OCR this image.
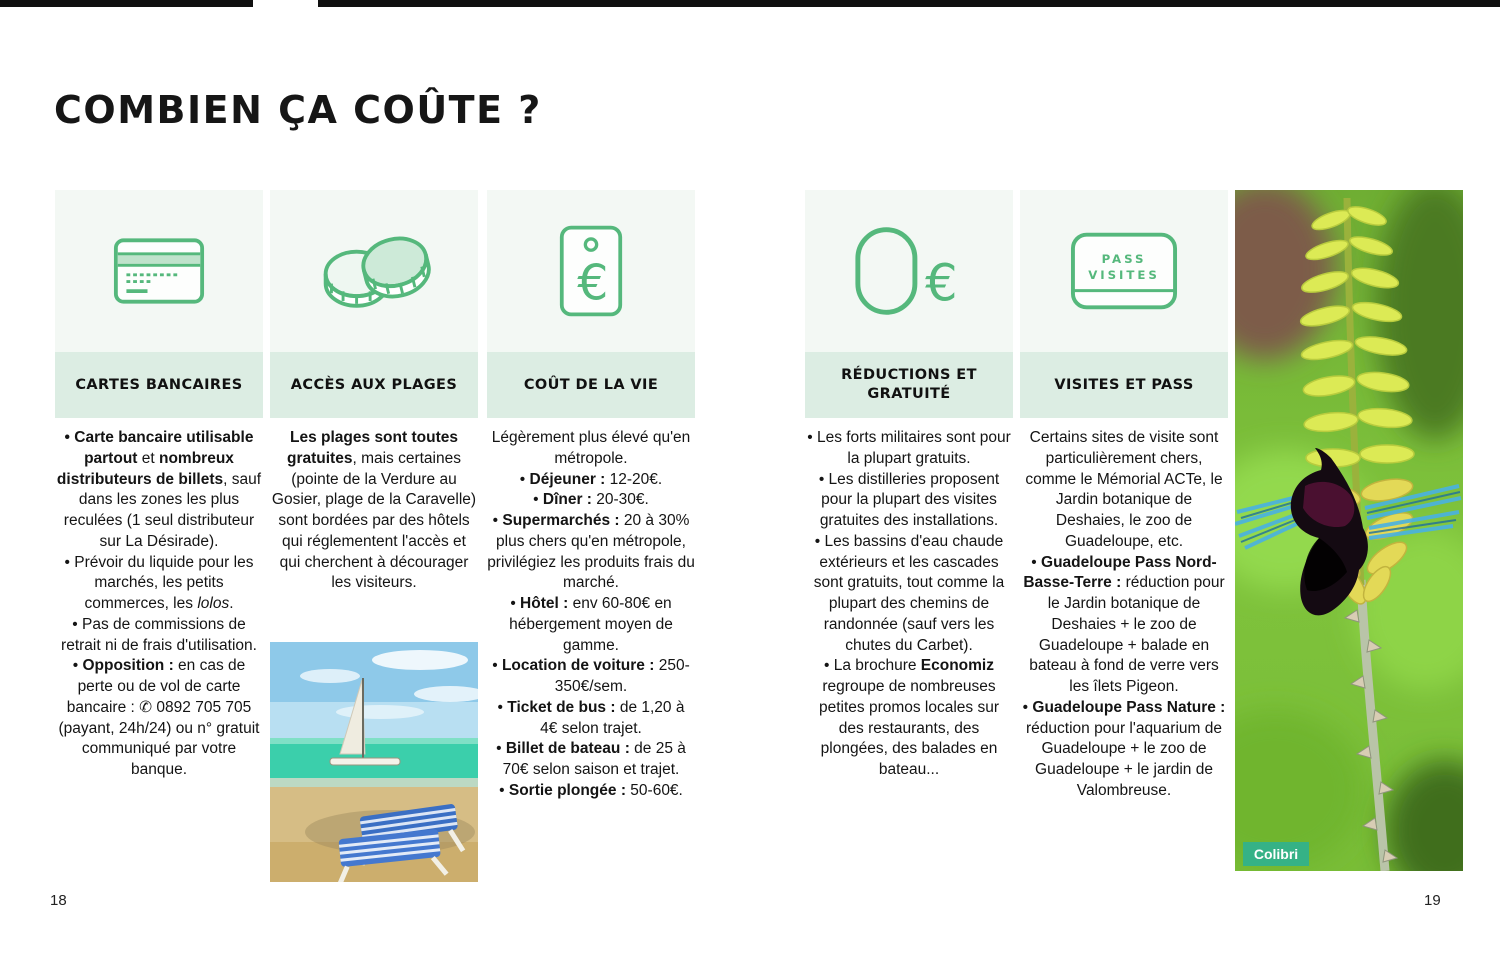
COMBIEN ÇA COÛTE ?
CARTES BANCAIRES

• Carte bancaire utilisable partout et nombreux distributeurs de billets, sauf dans les zones les plus reculées (1 seul distributeur sur La Désirade).

• Prévoir du liquide pour les marchés, les petits commerces, les lolos.

• Pas de commissions de retrait ni de frais d'utilisation.

• Opposition : en cas de perte ou de vol de carte bancaire : ✆ 0892 705 705 (payant, 24h/24) ou n° gratuit communiqué par votre banque.

ACCÈS AUX PLAGES

Les plages sont toutes gratuites, mais certaines (pointe de la Verdure au Gosier, plage de la Caravelle) sont bordées par des hôtels qui réglementent l'accès et qui cherchent à décourager les visiteurs.

€
COÛT DE LA VIE

Légèrement plus élevé qu'en métropole.

• Déjeuner : 12-20€.

• Dîner : 20-30€.

• Supermarchés : 20 à 30% plus chers qu'en métropole, privilégiez les produits frais du marché.

• Hôtel : env 60-80€ en hébergement moyen de gamme.

• Location de voiture : 250-350€/sem.

• Ticket de bus : de 1,20 à 4€ selon trajet.

• Billet de bateau : de 25 à 70€ selon saison et trajet.

• Sortie plongée : 50-60€.

€
RÉDUCTIONS ET GRATUITÉ

• Les forts militaires sont pour la plupart gratuits.

• Les distilleries proposent pour la plupart des visites gratuites des installations.

• Les bassins d'eau chaude extérieurs et les cascades sont gratuits, tout comme la plupart des chemins de randonnée (sauf vers les chutes du Carbet).

• La brochure Economiz regroupe de nombreuses petites promos locales sur des restaurants, des plongées, des balades en bateau...

PASS
VISITES
VISITES ET PASS

Certains sites de visite sont particulièrement chers, comme le Mémorial ACTe, le Jardin botanique de Deshaies, le zoo de Guadeloupe, etc.

• Guadeloupe Pass Nord-Basse-Terre : réduction pour le Jardin botanique de Deshaies + le zoo de Guadeloupe + balade en bateau à fond de verre vers les îlets Pigeon.

• Guadeloupe Pass Nature : réduction pour l'aquarium de Guadeloupe + le zoo de Guadeloupe + le jardin de Valombreuse.

Colibri
18	19
